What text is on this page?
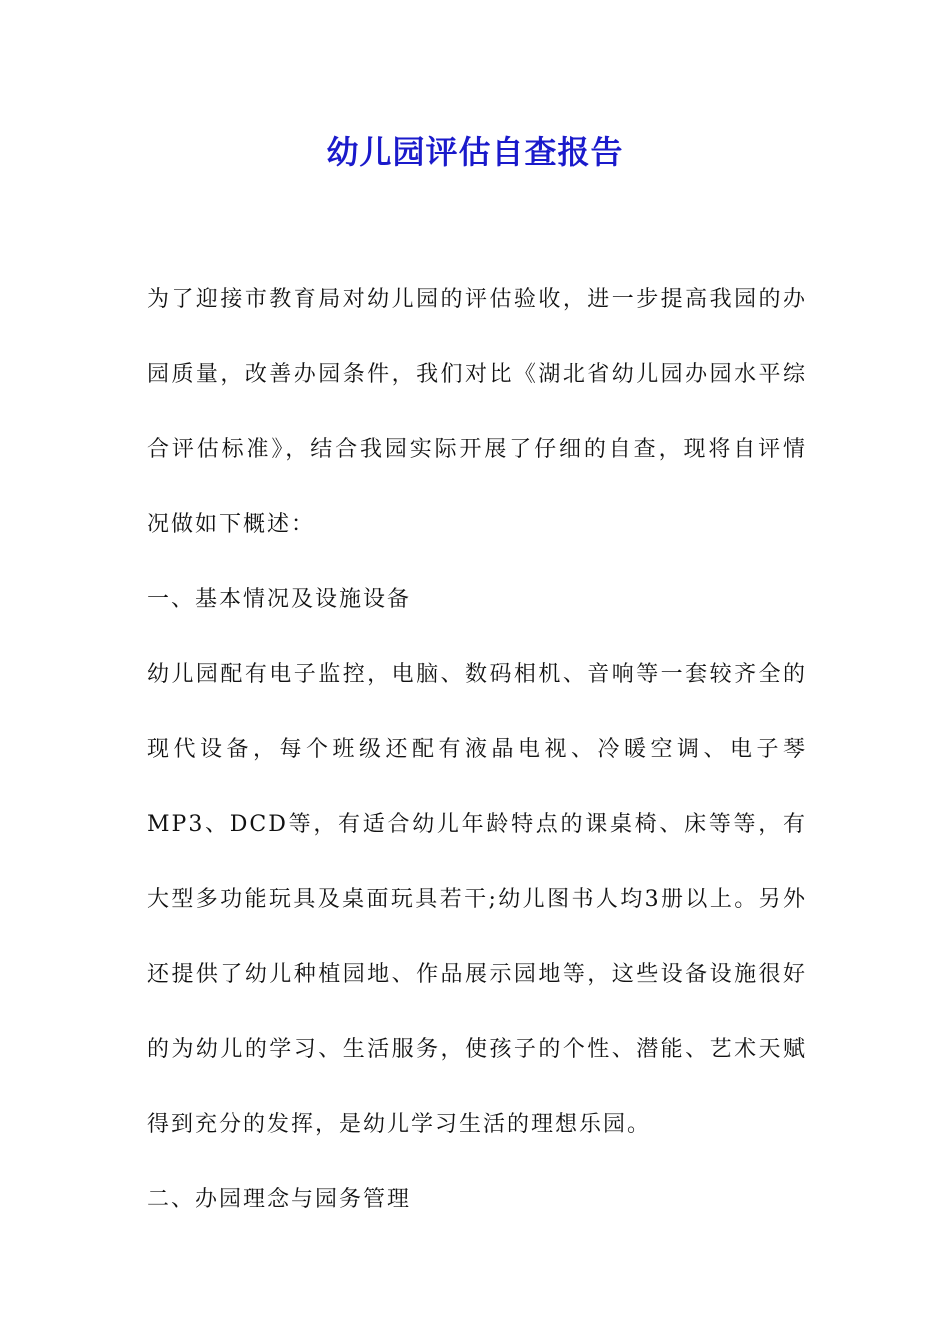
幼儿园评估自查报告

为了迎接市教育局对幼儿园的评估验收，进一步提高我园的办园质量，改善办园条件，我们对比《湖北省幼儿园办园水平综合评估标准》，结合我园实际开展了仔细的自查，现将自评情况做如下概述：

一、基本情况及设施设备

幼儿园配有电子监控，电脑、数码相机、音响等一套较齐全的现代设备，每个班级还配有液晶电视、冷暖空调、电子琴MP3、DCD等，有适合幼儿年龄特点的课桌椅、床等等，有大型多功能玩具及桌面玩具若干;幼儿图书人均3册以上。另外还提供了幼儿种植园地、作品展示园地等，这些设备设施很好的为幼儿的学习、生活服务，使孩子的个性、潜能、艺术天赋得到充分的发挥，是幼儿学习生活的理想乐园。

二、办园理念与园务管理
